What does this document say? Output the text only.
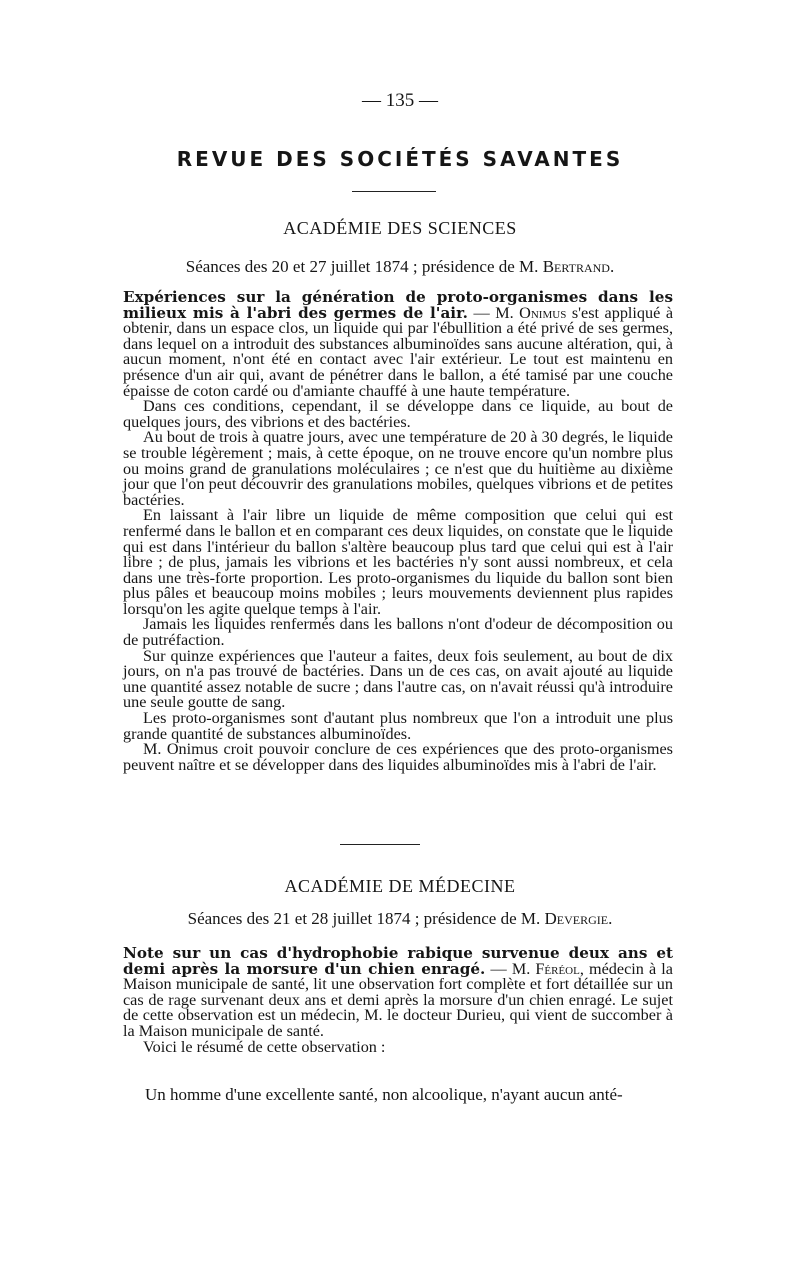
— 135 —
REVUE DES SOCIÉTÉS SAVANTES
ACADÉMIE DES SCIENCES
Séances des 20 et 27 juillet 1874 ; présidence de M. Bertrand.

Expériences sur la génération de proto-organismes dans les milieux mis à l'abri des germes de l'air. — M. Onimus s'est appliqué à obtenir, dans un espace clos, un liquide qui par l'ébullition a été privé de ses germes, dans lequel on a introduit des substances albuminoïdes sans aucune altération, qui, à aucun moment, n'ont été en contact avec l'air extérieur. Le tout est maintenu en présence d'un air qui, avant de pénétrer dans le ballon, a été tamisé par une couche épaisse de coton cardé ou d'amiante chauffé à une haute température.

Dans ces conditions, cependant, il se développe dans ce liquide, au bout de quelques jours, des vibrions et des bactéries.

Au bout de trois à quatre jours, avec une température de 20 à 30 degrés, le liquide se trouble légèrement ; mais, à cette époque, on ne trouve encore qu'un nombre plus ou moins grand de granulations moléculaires ; ce n'est que du huitième au dixième jour que l'on peut découvrir des granulations mobiles, quelques vibrions et de petites bactéries.

En laissant à l'air libre un liquide de même composition que celui qui est renfermé dans le ballon et en comparant ces deux liquides, on constate que le liquide qui est dans l'intérieur du ballon s'altère beaucoup plus tard que celui qui est à l'air libre ; de plus, jamais les vibrions et les bactéries n'y sont aussi nombreux, et cela dans une très-forte proportion. Les proto-organismes du liquide du ballon sont bien plus pâles et beaucoup moins mobiles ; leurs mouvements deviennent plus rapides lorsqu'on les agite quelque temps à l'air.

Jamais les liquides renfermés dans les ballons n'ont d'odeur de décomposition ou de putréfaction.

Sur quinze expériences que l'auteur a faites, deux fois seulement, au bout de dix jours, on n'a pas trouvé de bactéries. Dans un de ces cas, on avait ajouté au liquide une quantité assez notable de sucre ; dans l'autre cas, on n'avait réussi qu'à introduire une seule goutte de sang.

Les proto-organismes sont d'autant plus nombreux que l'on a introduit une plus grande quantité de substances albuminoïdes.

M. Onimus croit pouvoir conclure de ces expériences que des proto-organismes peuvent naître et se développer dans des liquides albuminoïdes mis à l'abri de l'air.

ACADÉMIE DE MÉDECINE
Séances des 21 et 28 juillet 1874 ; présidence de M. Devergie.

Note sur un cas d'hydrophobie rabique survenue deux ans et demi après la morsure d'un chien enragé. — M. Féréol, médecin à la Maison municipale de santé, lit une observation fort complète et fort détaillée sur un cas de rage survenant deux ans et demi après la morsure d'un chien enragé. Le sujet de cette observation est un médecin, M. le docteur Durieu, qui vient de succomber à la Maison municipale de santé.

Voici le résumé de cette observation :

Un homme d'une excellente santé, non alcoolique, n'ayant aucun anté-
